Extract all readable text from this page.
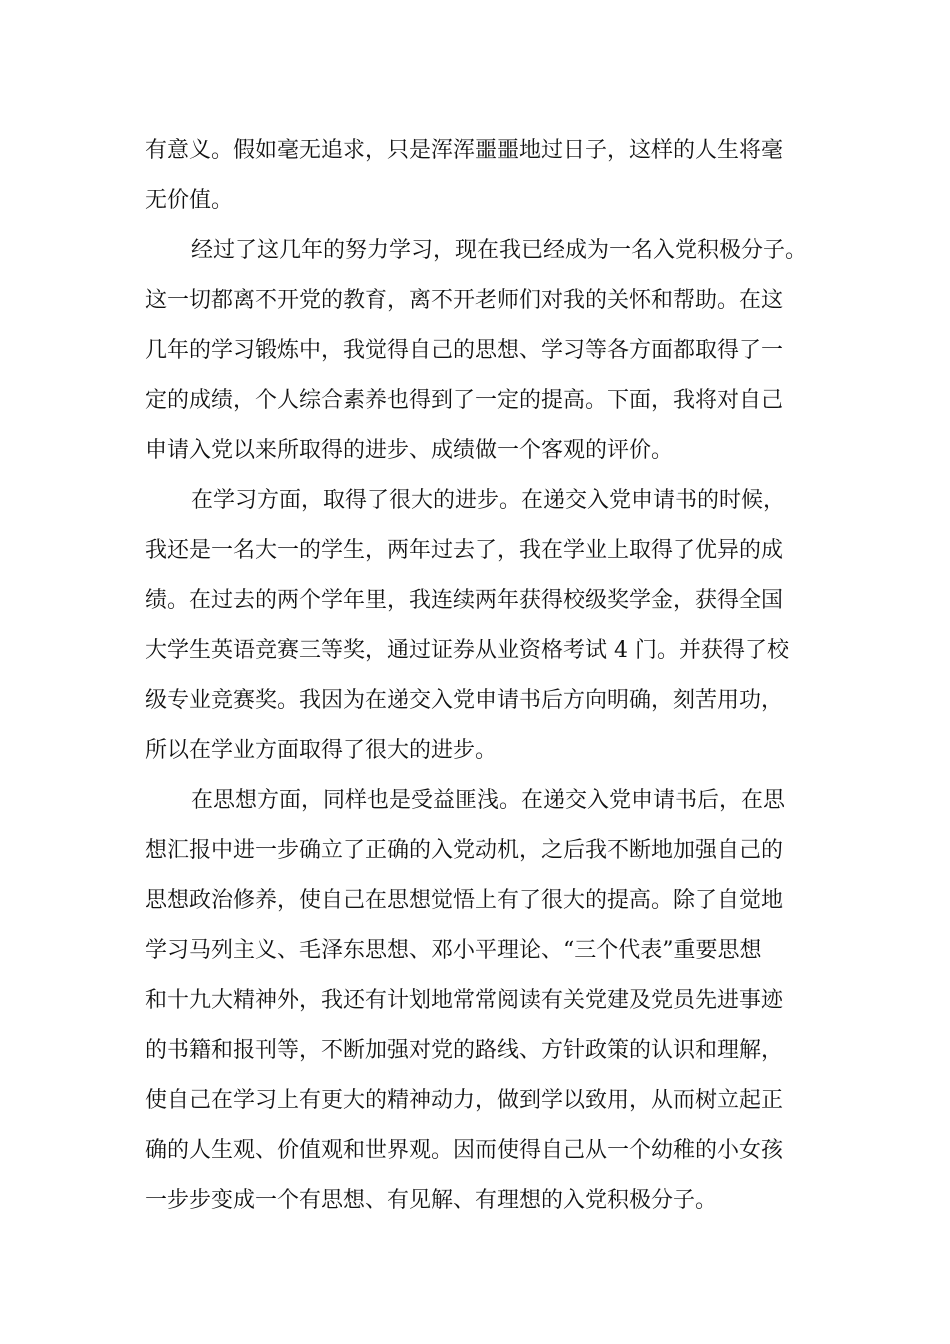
有意义。假如毫无追求，只是浑浑噩噩地过日子，这样的人生将毫
无价值。
经过了这几年的努力学习，现在我已经成为一名入党积极分子。
这一切都离不开党的教育，离不开老师们对我的关怀和帮助。在这
几年的学习锻炼中，我觉得自己的思想、学习等各方面都取得了一
定的成绩，个人综合素养也得到了一定的提高。下面，我将对自己
申请入党以来所取得的进步、成绩做一个客观的评价。
在学习方面，取得了很大的进步。在递交入党申请书的时候，
我还是一名大一的学生，两年过去了，我在学业上取得了优异的成
绩。在过去的两个学年里，我连续两年获得校级奖学金，获得全国
大学生英语竞赛三等奖，通过证券从业资格考试 4 门。并获得了校
级专业竞赛奖。我因为在递交入党申请书后方向明确，刻苦用功，
所以在学业方面取得了很大的进步。
在思想方面，同样也是受益匪浅。在递交入党申请书后，在思
想汇报中进一步确立了正确的入党动机，之后我不断地加强自己的
思想政治修养，使自己在思想觉悟上有了很大的提高。除了自觉地
学习马列主义、毛泽东思想、邓小平理论、“三个代表”重要思想
和十九大精神外，我还有计划地常常阅读有关党建及党员先进事迹
的书籍和报刊等，不断加强对党的路线、方针政策的认识和理解，
使自己在学习上有更大的精神动力，做到学以致用，从而树立起正
确的人生观、价值观和世界观。因而使得自己从一个幼稚的小女孩
一步步变成一个有思想、有见解、有理想的入党积极分子。
